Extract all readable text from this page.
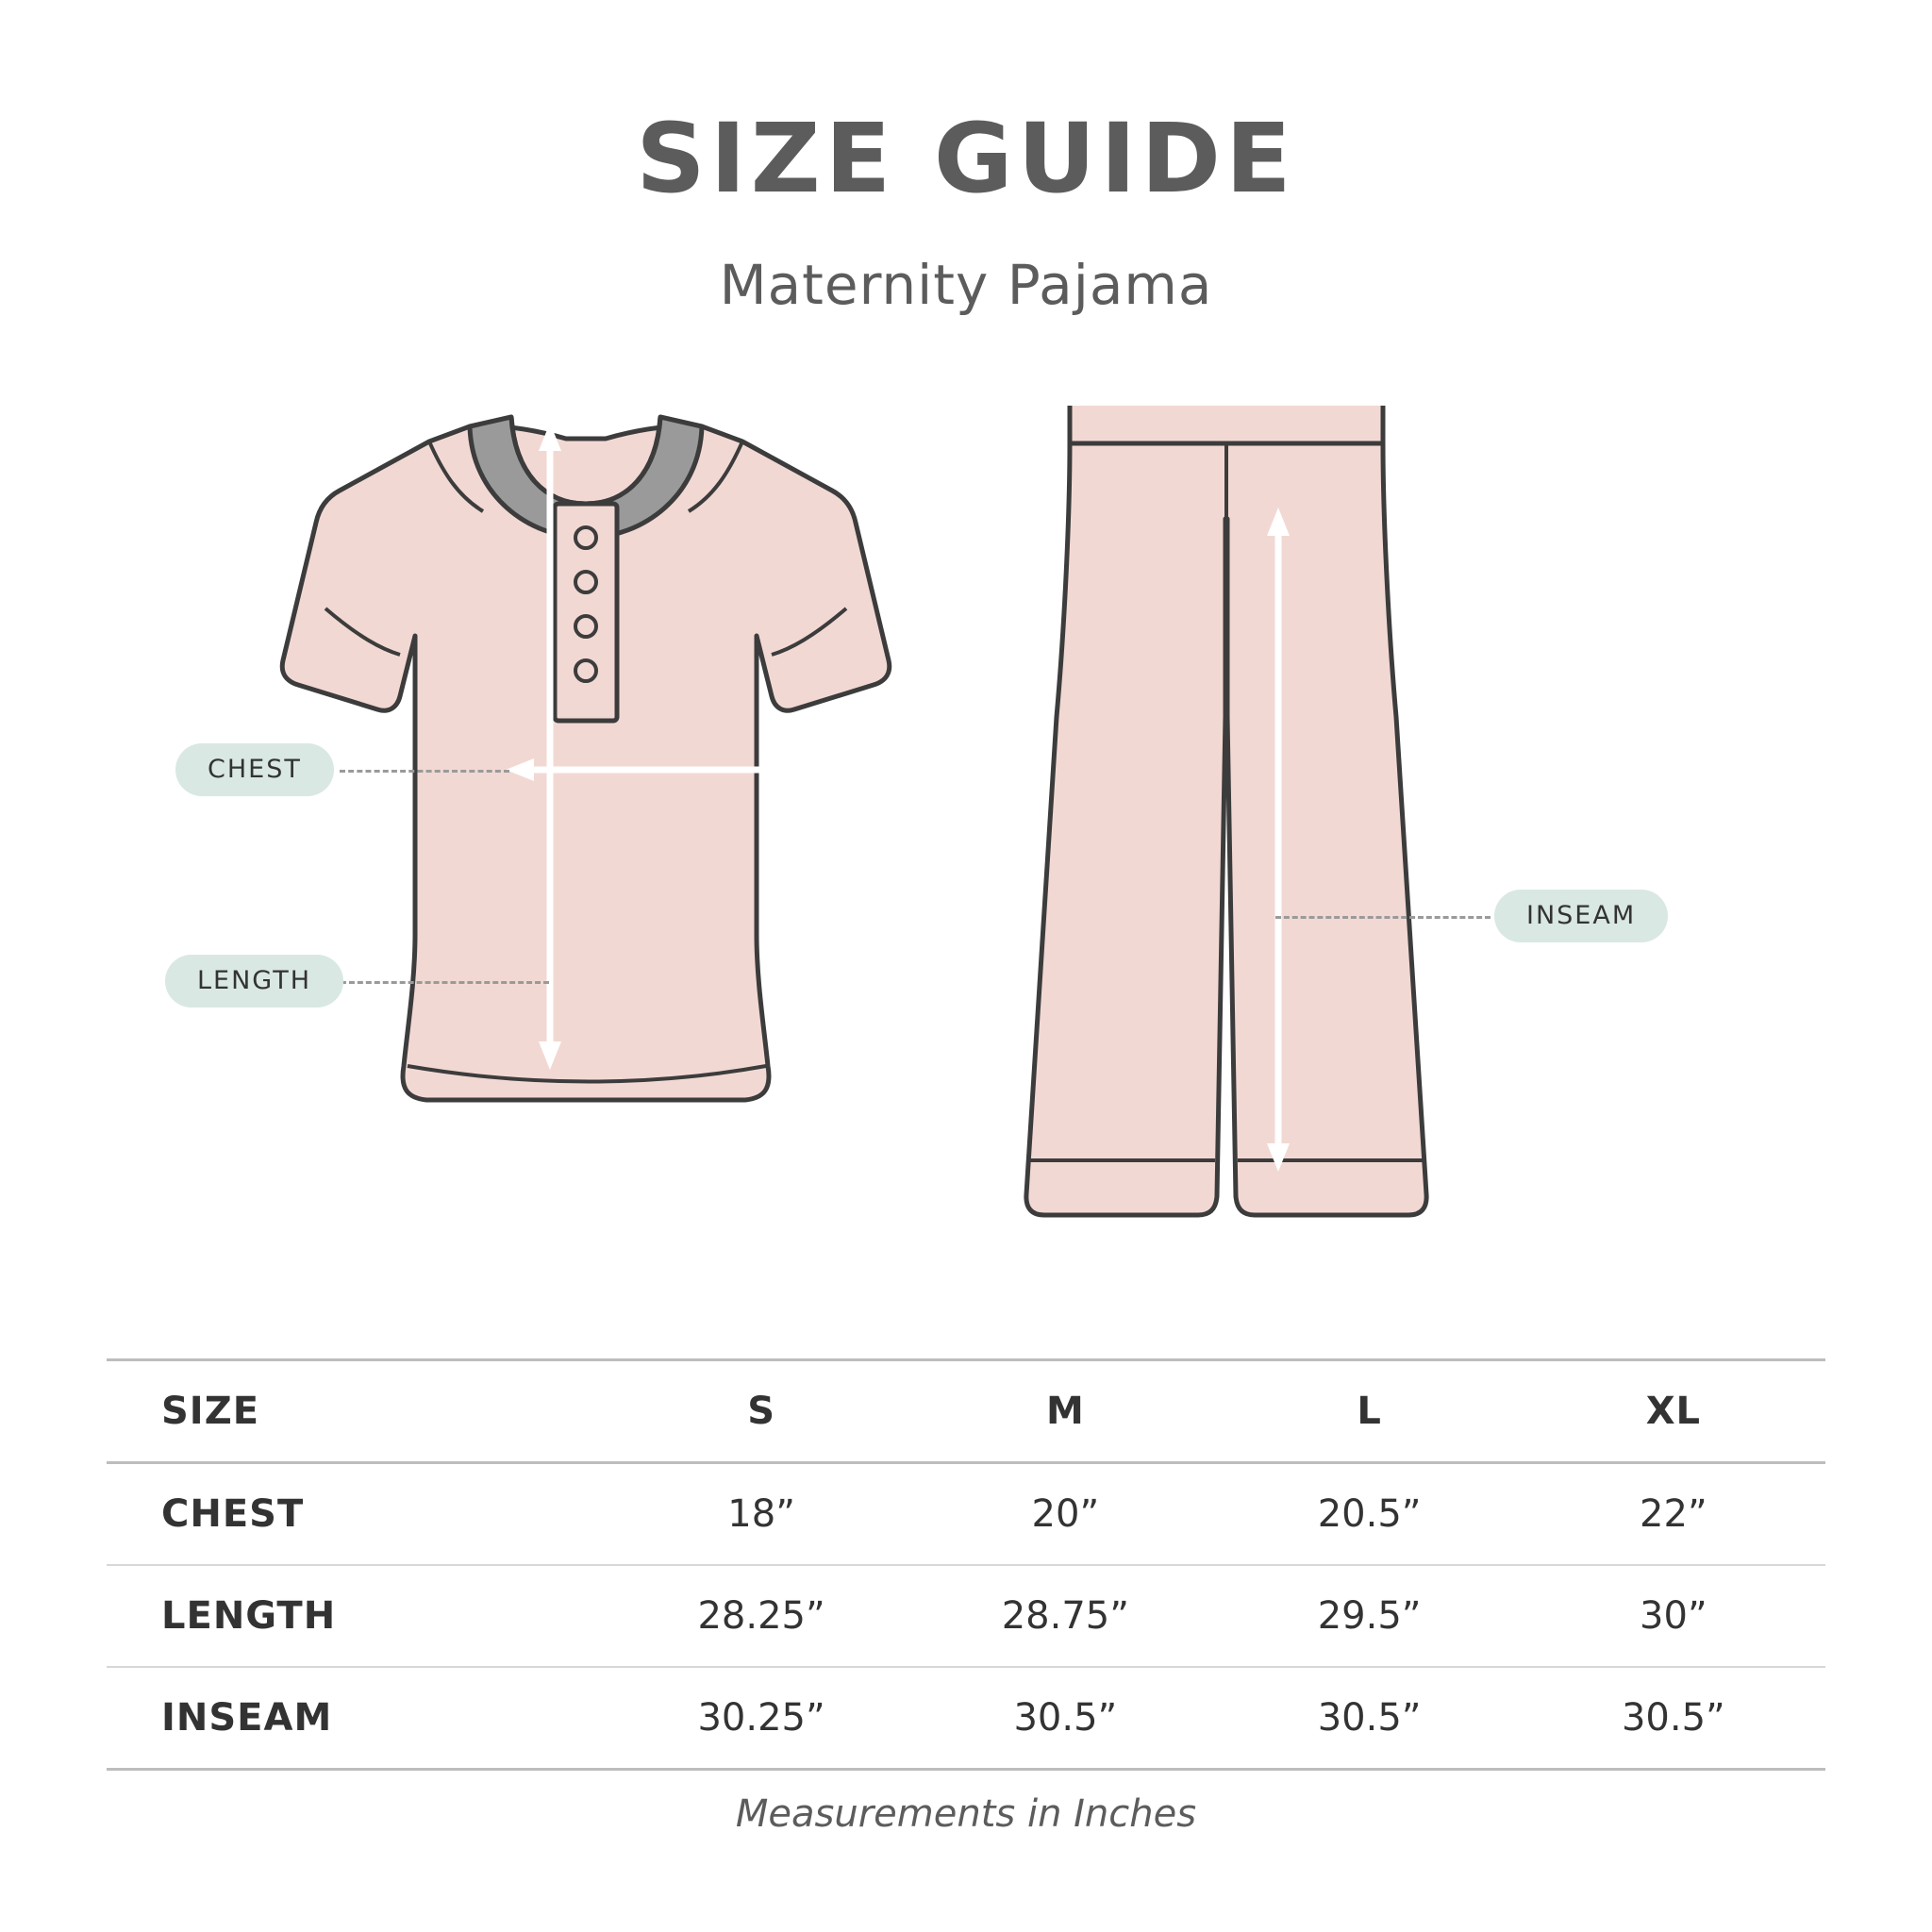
SIZE GUIDE
Maternity Pajama
CHEST
LENGTH
INSEAM
SIZE	S	M	L	XL
CHEST	18”	20”	20.5”	22”
LENGTH	28.25”	28.75”	29.5”	30”
INSEAM	30.25”	30.5”	30.5”	30.5”
Measurements in Inches
